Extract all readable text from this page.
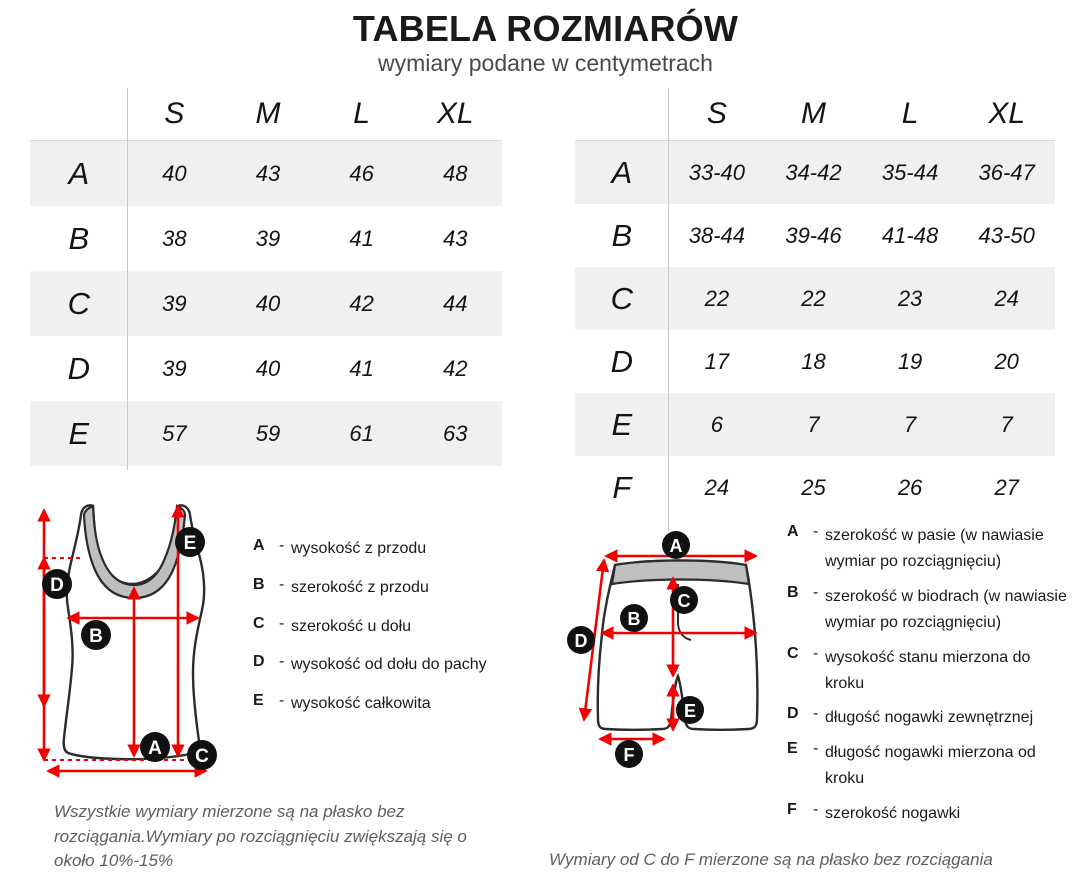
TABELA ROZMIARÓW
wymiary podane w centymetrach
	S	M	L	XL
A	40	43	46	48
B	38	39	41	43
C	39	40	42	44
D	39	40	41	42
E	57	59	61	63
	S	M	L	XL
A	33-40	34-42	35-44	36-47
B	38-44	39-46	41-48	43-50
C	22	22	23	24
D	17	18	19	20
E	6	7	7	7
F	24	25	26	27
D
B
E
A C
A
C
B
D
E
F
A - wysokość z przodu
B - szerokość z przodu
C - szerokość u dołu
D - wysokość od dołu do pachy
E - wysokość całkowita
A - szerokość w pasie (w nawiasie wymiar po rozciągnięciu)
B - szerokość w biodrach (w nawiasie wymiar po rozciągnięciu)
C - wysokość stanu mierzona do kroku
D - długość nogawki zewnętrznej
E - długość nogawki mierzona od kroku
F	- szerokość nogawki
Wszystkie wymiary mierzone są na płasko bez rozciągania.Wymiary po rozciągnięciu zwiększają się o około 10%-15%	Wymiary od C do F mierzone są na płasko bez rozciągania
